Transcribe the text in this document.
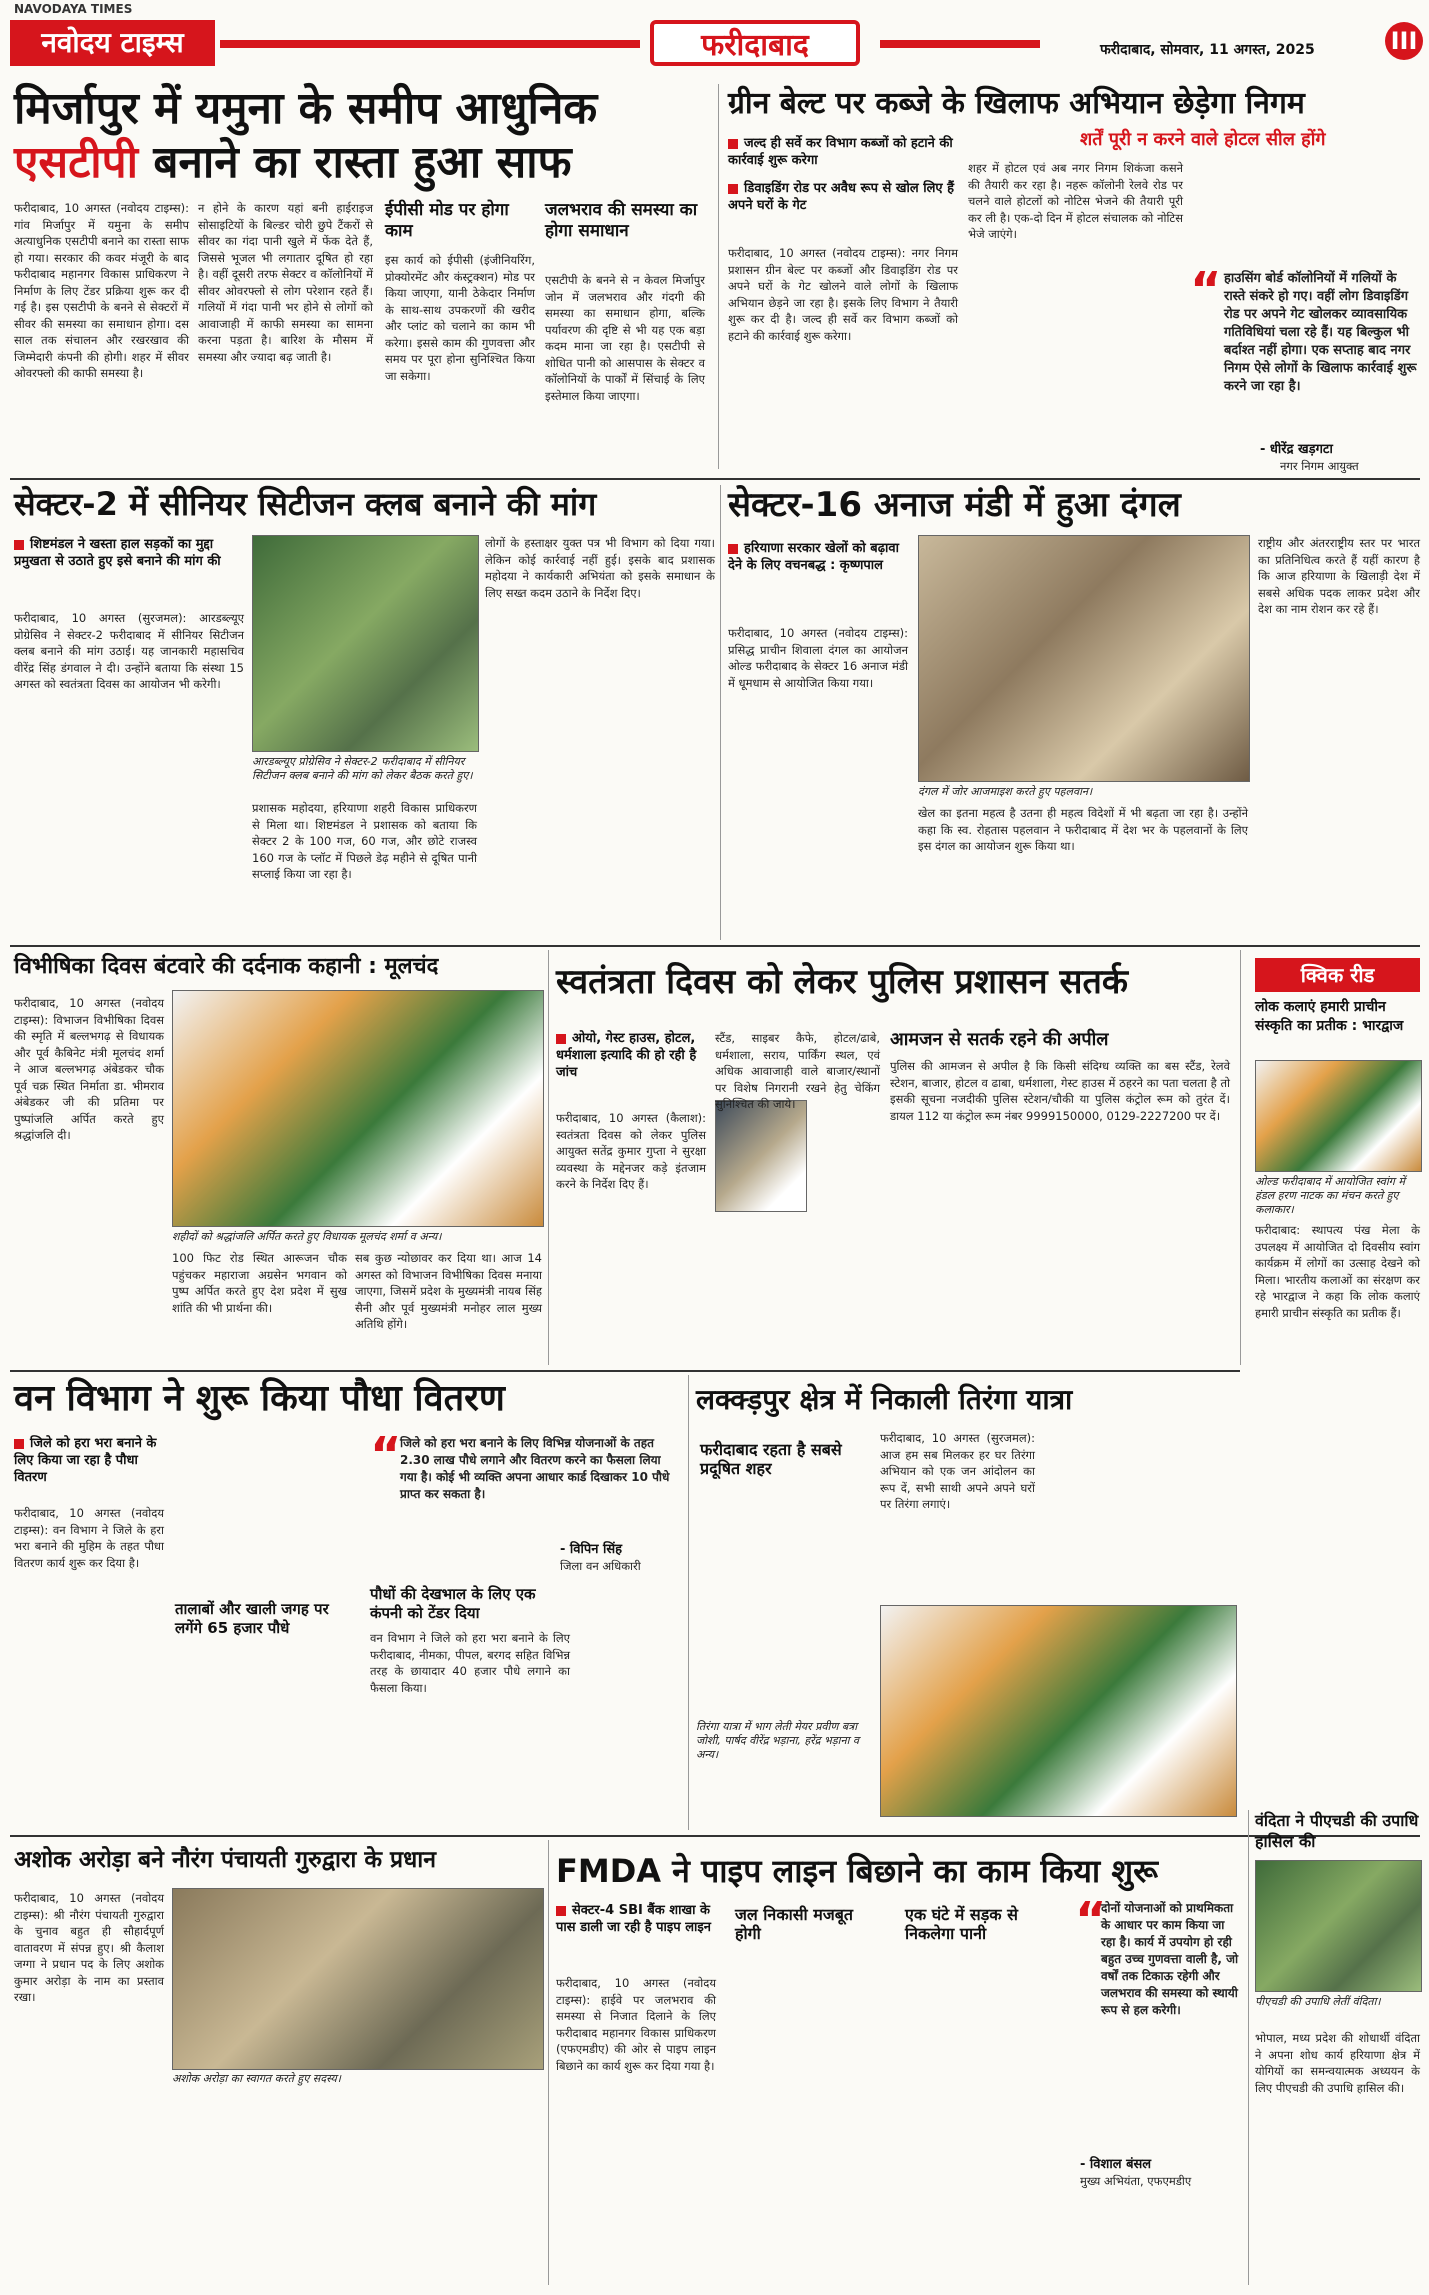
NAVODAYA TIMES
नवोदय टाइम्स	फरीदाबाद	फरीदाबाद, सोमवार, 11 अगस्त, 2025	III
मिर्जापुर में यमुना के समीप आधुनिक
एसटीपी बनाने का रास्ता हुआ साफ
फरीदाबाद, 10 अगस्त (नवोदय टाइम्स): गांव मिर्जापुर में यमुना के समीप अत्याधुनिक एसटीपी बनाने का रास्ता साफ हो गया। सरकार की कवर मंजूरी के बाद फरीदाबाद महानगर विकास प्राधिकरण ने निर्माण के लिए टेंडर प्रक्रिया शुरू कर दी गई है। इस एसटीपी के बनने से सेक्टरों में सीवर की समस्या का समाधान होगा। दस साल तक संचालन और रखरखाव की जिम्मेदारी कंपनी की होगी। शहर में सीवर ओवरफ्लो की काफी समस्या है।
न होने के कारण यहां बनी हाईराइज सोसाइटियों के बिल्डर चोरी छुपे टैंकरों से सीवर का गंदा पानी खुले में फेंक देते हैं, जिससे भूजल भी लगातार दूषित हो रहा है। वहीं दूसरी तरफ सेक्टर व कॉलोनियों में सीवर ओवरफ्लो से लोग परेशान रहते हैं। गलियों में गंदा पानी भर होने से लोगों को आवाजाही में काफी समस्या का सामना करना पड़ता है। बारिश के मौसम में समस्या और ज्यादा बढ़ जाती है।
ईपीसी मोड पर होगा काम
इस कार्य को ईपीसी (इंजीनियरिंग, प्रोक्योरमेंट और कंस्ट्रक्शन) मोड पर किया जाएगा, यानी ठेकेदार निर्माण के साथ-साथ उपकरणों की खरीद और प्लांट को चलाने का काम भी करेगा। इससे काम की गुणवत्ता और समय पर पूरा होना सुनिश्चित किया जा सकेगा।
जलभराव की समस्या का होगा समाधान
एसटीपी के बनने से न केवल मिर्जापुर जोन में जलभराव और गंदगी की समस्या का समाधान होगा, बल्कि पर्यावरण की दृष्टि से भी यह एक बड़ा कदम माना जा रहा है। एसटीपी से शोधित पानी को आसपास के सेक्टर व कॉलोनियों के पार्कों में सिंचाई के लिए इस्तेमाल किया जाएगा।
ग्रीन बेल्ट पर कब्जे के खिलाफ अभियान छेड़ेगा निगम
शर्तें पूरी न करने वाले होटल सील होंगे
जल्द ही सर्वे कर विभाग कब्जों को हटाने की कार्रवाई शुरू करेगा
डिवाइडिंग रोड पर अवैध रूप से खोल लिए हैं अपने घरों के गेट
फरीदाबाद, 10 अगस्त (नवोदय टाइम्स): नगर निगम प्रशासन ग्रीन बेल्ट पर कब्जों और डिवाइडिंग रोड पर अपने घरों के गेट खोलने वाले लोगों के खिलाफ अभियान छेड़ने जा रहा है। इसके लिए विभाग ने तैयारी शुरू कर दी है। जल्द ही सर्वे कर विभाग कब्जों को हटाने की कार्रवाई शुरू करेगा।
शहर में होटल एवं अब नगर निगम शिकंजा कसने की तैयारी कर रहा है। नहरू कॉलोनी रेलवे रोड पर चलने वाले होटलों को नोटिस भेजने की तैयारी पूरी कर ली है। एक-दो दिन में होटल संचालक को नोटिस भेजे जाएंगे।
“ हाउसिंग बोर्ड कॉलोनियों में गलियों के रास्ते संकरे हो गए। वहीं लोग डिवाइडिंग रोड पर अपने गेट खोलकर व्यावसायिक गतिविधियां चला रहे हैं। यह बिल्कुल भी बर्दाश्त नहीं होगा। एक सप्ताह बाद नगर निगम ऐसे लोगों के खिलाफ कार्रवाई शुरू करने जा रहा है।
- धीरेंद्र खड़गटा
नगर निगम आयुक्त
सेक्टर-2 में सीनियर सिटीजन क्लब बनाने की मांग
शिष्टमंडल ने खस्ता हाल सड़कों का मुद्दा प्रमुखता से उठाते हुए इसे बनाने की मांग की
फरीदाबाद, 10 अगस्त (सुरजमल): आरडब्ल्यूए प्रोग्रेसिव ने सेक्टर-2 फरीदाबाद में सीनियर सिटीजन क्लब बनाने की मांग उठाई। यह जानकारी महासचिव वीरेंद्र सिंह डंगवाल ने दी। उन्होंने बताया कि संस्था 15 अगस्त को स्वतंत्रता दिवस का आयोजन भी करेगी।
आरडब्ल्यूए प्रोग्रेसिव ने सेक्टर-2 फरीदाबाद में सीनियर सिटीजन क्लब बनाने की मांग को लेकर बैठक करते हुए।
प्रशासक महोदया, हरियाणा शहरी विकास प्राधिकरण से मिला था। शिष्टमंडल ने प्रशासक को बताया कि सेक्टर 2 के 100 गज, 60 गज, और छोटे राजस्व 160 गज के प्लॉट में पिछले डेढ़ महीने से दूषित पानी सप्लाई किया जा रहा है।
लोगों के हस्ताक्षर युक्त पत्र भी विभाग को दिया गया। लेकिन कोई कार्रवाई नहीं हुई। इसके बाद प्रशासक महोदया ने कार्यकारी अभियंता को इसके समाधान के लिए सख्त कदम उठाने के निर्देश दिए।
सेक्टर-16 अनाज मंडी में हुआ दंगल
हरियाणा सरकार खेलों को बढ़ावा देने के लिए वचनबद्ध : कृष्णपाल
फरीदाबाद, 10 अगस्त (नवोदय टाइम्स): प्रसिद्ध प्राचीन शिवाला दंगल का आयोजन ओल्ड फरीदाबाद के सेक्टर 16 अनाज मंडी में धूमधाम से आयोजित किया गया।
दंगल में जोर आजमाइश करते हुए पहलवान।
खेल का इतना महत्व है उतना ही महत्व विदेशों में भी बढ़ता जा रहा है। उन्होंने कहा कि स्व. रोहतास पहलवान ने फरीदाबाद में देश भर के पहलवानों के लिए इस दंगल का आयोजन शुरू किया था।
राष्ट्रीय और अंतरराष्ट्रीय स्तर पर भारत का प्रतिनिधित्व करते हैं यहीं कारण है कि आज हरियाणा के खिलाड़ी देश में सबसे अधिक पदक लाकर प्रदेश और देश का नाम रोशन कर रहे हैं।
विभीषिका दिवस बंटवारे की दर्दनाक कहानी : मूलचंद
फरीदाबाद, 10 अगस्त (नवोदय टाइम्स): विभाजन विभीषिका दिवस की स्मृति में बल्लभगढ़ से विधायक और पूर्व कैबिनेट मंत्री मूलचंद शर्मा ने आज बल्लभगढ़ अंबेडकर चौक पूर्व चक्र स्थित निर्माता डा. भीमराव अंबेडकर जी की प्रतिमा पर पुष्पांजलि अर्पित करते हुए श्रद्धांजलि दी।
शहीदों को श्रद्धांजलि अर्पित करते हुए विधायक मूलचंद शर्मा व अन्य।
100 फिट रोड स्थित आरूजन चौक पहुंचकर महाराजा अग्रसेन भगवान को पुष्प अर्पित करते हुए देश प्रदेश में सुख शांति की भी प्रार्थना की।
सब कुछ न्योछावर कर दिया था। आज 14 अगस्त को विभाजन विभीषिका दिवस मनाया जाएगा, जिसमें प्रदेश के मुख्यमंत्री नायब सिंह सैनी और पूर्व मुख्यमंत्री मनोहर लाल मुख्य अतिथि होंगे।
स्वतंत्रता दिवस को लेकर पुलिस प्रशासन सतर्क
ओयो, गेस्ट हाउस, होटल, धर्मशाला इत्यादि की हो रही है जांच
फरीदाबाद, 10 अगस्त (कैलाश): स्वतंत्रता दिवस को लेकर पुलिस आयुक्त सतेंद्र कुमार गुप्ता ने सुरक्षा व्यवस्था के मद्देनजर कड़े इंतजाम करने के निर्देश दिए हैं।
स्टैंड, साइबर कैफे, होटल/ढाबे, धर्मशाला, सराय, पार्किंग स्थल, एवं अधिक आवाजाही वाले बाजार/स्थानों पर विशेष निगरानी रखने हेतु चेकिंग सुनिश्चित की जाये।
आमजन से सतर्क रहने की अपील
पुलिस की आमजन से अपील है कि किसी संदिग्ध व्यक्ति का बस स्टैंड, रेलवे स्टेशन, बाजार, होटल व ढाबा, धर्मशाला, गेस्ट हाउस में ठहरने का पता चलता है तो इसकी सूचना नजदीकी पुलिस स्टेशन/चौकी या पुलिस कंट्रोल रूम को तुरंत दें। डायल 112 या कंट्रोल रूम नंबर 9999150000, 0129-2227200 पर दें।
क्विक रीड
लोक कलाएं हमारी प्राचीन संस्कृति का प्रतीक : भारद्वाज
ओल्ड फरीदाबाद में आयोजित स्वांग में हंडल हरण नाटक का मंचन करते हुए कलाकार।
फरीदाबाद: स्थापत्य पंख मेला के उपलक्ष्य में आयोजित दो दिवसीय स्वांग कार्यक्रम में लोगों का उत्साह देखने को मिला। भारतीय कलाओं का संरक्षण कर रहे भारद्वाज ने कहा कि लोक कलाएं हमारी प्राचीन संस्कृति का प्रतीक हैं।
वन विभाग ने शुरू किया पौधा वितरण
जिले को हरा भरा बनाने के लिए किया जा रहा है पौधा वितरण
फरीदाबाद, 10 अगस्त (नवोदय टाइम्स): वन विभाग ने जिले के हरा भरा बनाने की मुहिम के तहत पौधा वितरण कार्य शुरू कर दिया है।
“
जिले को हरा भरा बनाने के लिए विभिन्न योजनाओं के तहत 2.30 लाख पौधे लगाने और वितरण करने का फैसला लिया गया है। कोई भी व्यक्ति अपना आधार कार्ड दिखाकर 10 पौधे प्राप्त कर सकता है।
- विपिन सिंह
जिला वन अधिकारी
तालाबों और खाली जगह पर लगेंगे 65 हजार पौधे
पौधों की देखभाल के लिए एक कंपनी को टेंडर दिया
वन विभाग ने जिले को हरा भरा बनाने के लिए फरीदाबाद, नीमका, पीपल, बरगद सहित विभिन्न तरह के छायादार 40 हजार पौधे लगाने का फैसला किया।
लक्क्ड़पुर क्षेत्र में निकाली तिरंगा यात्रा
फरीदाबाद, 10 अगस्त (सुरजमल): आज हम सब मिलकर हर घर तिरंगा अभियान को एक जन आंदोलन का रूप दें, सभी साथी अपने अपने घरों पर तिरंगा लगाएं।
फरीदाबाद रहता है सबसे प्रदूषित शहर
तिरंगा यात्रा में भाग लेती मेयर प्रवीण बत्रा जोशी, पार्षद वीरेंद्र भड़ाना, हरेंद्र भड़ाना व अन्य।
अशोक अरोड़ा बने नौरंग पंचायती गुरुद्वारा के प्रधान
फरीदाबाद, 10 अगस्त (नवोदय टाइम्स): श्री नौरंग पंचायती गुरुद्वारा के चुनाव बहुत ही सौहार्दपूर्ण वातावरण में संपन्न हुए। श्री कैलाश जग्गा ने प्रधान पद के लिए अशोक कुमार अरोड़ा के नाम का प्रस्ताव रखा।
अशोक अरोड़ा का स्वागत करते हुए सदस्य।
FMDA ने पाइप लाइन बिछाने का काम किया शुरू
सेक्टर-4 SBI बैंक शाखा के पास डाली जा रही है पाइप लाइन
फरीदाबाद, 10 अगस्त (नवोदय टाइम्स): हाईवे पर जलभराव की समस्या से निजात दिलाने के लिए फरीदाबाद महानगर विकास प्राधिकरण (एफएमडीए) की ओर से पाइप लाइन बिछाने का कार्य शुरू कर दिया गया है।
जल निकासी मजबूत होगी
एक घंटे में सड़क से निकलेगा पानी	“
दोनों योजनाओं को प्राथमिकता के आधार पर काम किया जा रहा है। कार्य में उपयोग हो रही बहुत उच्च गुणवत्ता वाली है, जो वर्षों तक टिकाऊ रहेगी और जलभराव की समस्या को स्थायी रूप से हल करेगी।
- विशाल बंसल
मुख्य अभियंता, एफएमडीए
वंदिता ने पीएचडी की उपाधि हासिल की
पीएचडी की उपाधि लेतीं वंदिता।
भोपाल, मध्य प्रदेश की शोधार्थी वंदिता ने अपना शोध कार्य हरियाणा क्षेत्र में योगियों का समन्वयात्मक अध्ययन के लिए पीएचडी की उपाधि हासिल की।
